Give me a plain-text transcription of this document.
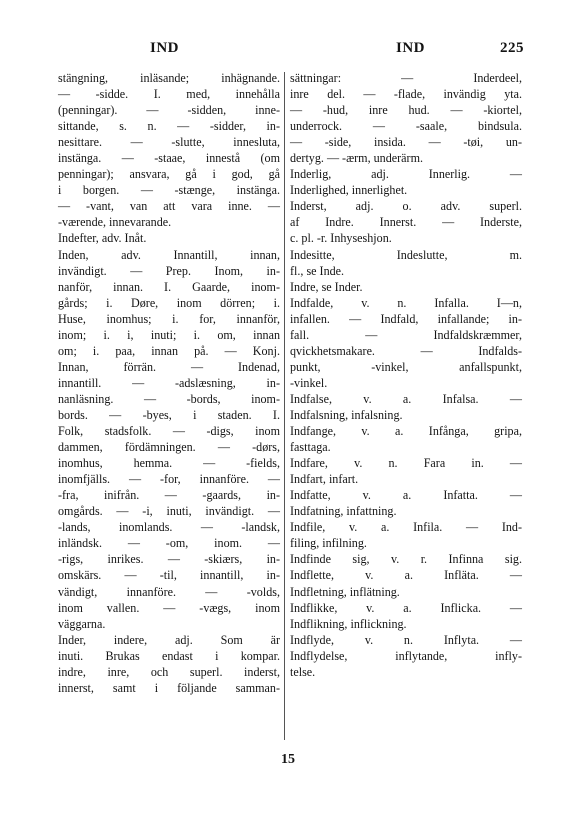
IND	IND	225
stängning, inläsande; inhägnande.
— -sidde. I. med, innehålla
(penningar). — -sidden, inne-
sittande, s. n. — -sidder, in-
nesittare. — -slutte, innesluta,
instänga. — -staae, innestå (om
penningar); ansvara, gå i god, gå
i borgen. — -stænge, instänga.
— -vant, van att vara inne. —
-værende, innevarande.
Indefter, adv. Inåt.
Inden, adv. Innantill, innan,
invändigt. — Prep. Inom, in-
nanför, innan. I. Gaarde, inom-
gårds; i. Døre, inom dörren; i.
Huse, inomhus; i. for, innanför,
inom; i. i, inuti; i. om, innan
om; i. paa, innan på. — Konj.
Innan, förrän. — Indenad,
innantill. — -adslæsning, in-
nanläsning. — -bords, inom-
bords. — -byes, i staden. I.
Folk, stadsfolk. — -digs, inom
dammen, fördämningen. — -dørs,
inomhus, hemma. — -fields,
inomfjälls. — -for, innanföre. —
-fra, inifrån. — -gaards, in-
omgårds. — -i, inuti, invändigt. —
-lands, inomlands. — -landsk,
inländsk. — -om, inom. —
-rigs, inrikes. — -skiærs, in-
omskärs. — -til, innantill, in-
vändigt, innanföre. — -volds,
inom vallen. — -vægs, inom
väggarna.
Inder, indere, adj. Som är
inuti. Brukas endast i kompar.
indre, inre, och superl. inderst,
innerst, samt i följande samman-
sättningar: — Inderdeel,
inre del. — -flade, invändig yta.
— -hud, inre hud. — -kiortel,
underrock. — -saale, bindsula.
— -side, insida. — -tøi, un-
dertyg. — -ærm, underärm.
Inderlig, adj. Innerlig. —
Inderlighed, innerlighet.
Inderst, adj. o. adv. superl.
af Indre. Innerst. — Inderste,
c. pl. -r. Inhyseshjon.
Indesitte, Indeslutte, m.
fl., se Inde.
Indre, se Inder.
Indfalde, v. n. Infalla. I—n,
infallen. — Indfald, infallande; in-
fall. — Indfaldskræmmer,
qvickhetsmakare. — Indfalds-
punkt, -vinkel, anfallspunkt,
-vinkel.
Indfalse, v. a. Infalsa. —
Indfalsning, infalsning.
Indfange, v. a. Infånga, gripa,
fasttaga.
Indfare, v. n. Fara in. —
Indfart, infart.
Indfatte, v. a. Infatta. —
Indfatning, infattning.
Indfile, v. a. Infila. — Ind-
filing, infilning.
Indfinde sig, v. r. Infinna sig.
Indflette, v. a. Infläta. —
Indfletning, inflätning.
Indflikke, v. a. Inflicka. —
Indflikning, inflickning.
Indflyde, v. n. Inflyta. —
Indflydelse, inflytande, infly-
telse.
15
